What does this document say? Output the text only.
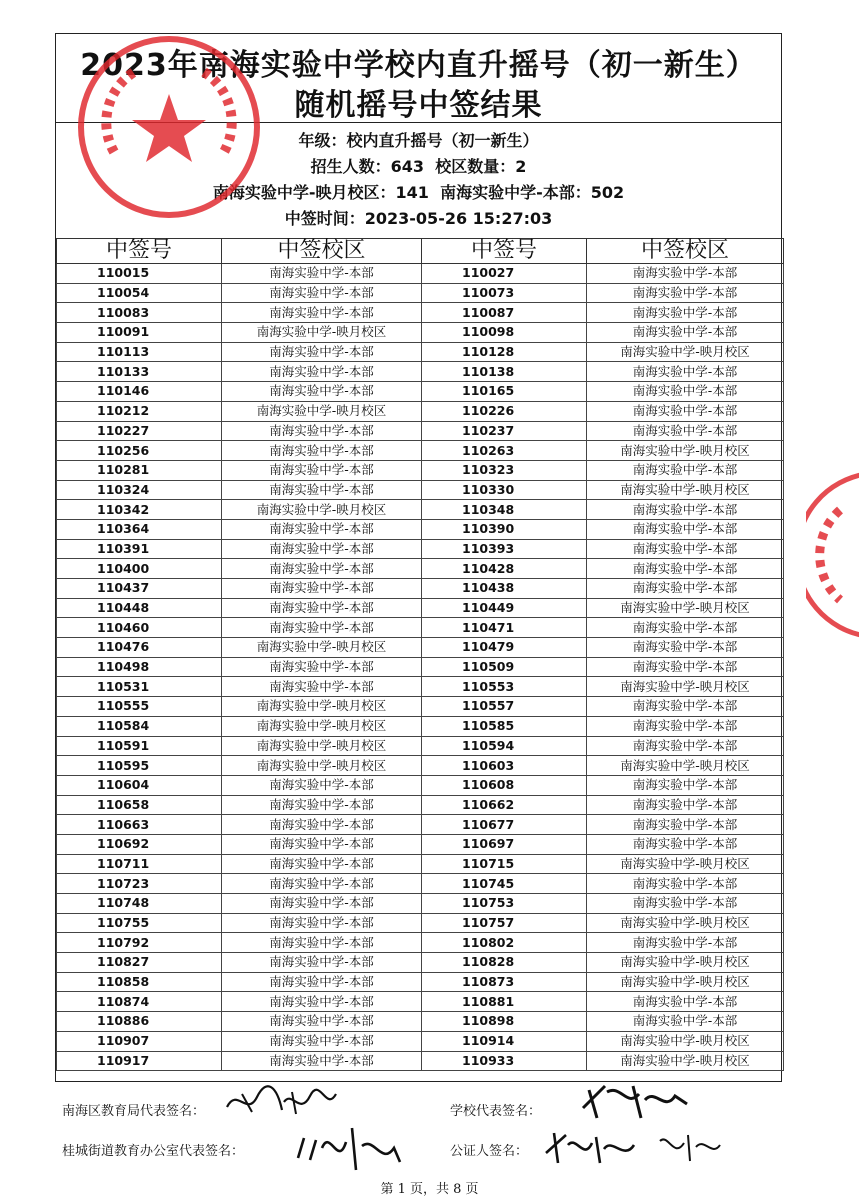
2023年南海实验中学校内直升摇号（初一新生）
随机摇号中签结果
年级：校内直升摇号（初一新生）
招生人数：643 校区数量：2
南海实验中学-映月校区：141 南海实验中学-本部：502
中签时间：2023-05-26 15:27:03
中签号	中签校区	中签号	中签校区
110015	南海实验中学-本部	110027	南海实验中学-本部
110054	南海实验中学-本部	110073	南海实验中学-本部
110083	南海实验中学-本部	110087	南海实验中学-本部
110091	南海实验中学-映月校区	110098	南海实验中学-本部
110113	南海实验中学-本部	110128	南海实验中学-映月校区
110133	南海实验中学-本部	110138	南海实验中学-本部
110146	南海实验中学-本部	110165	南海实验中学-本部
110212	南海实验中学-映月校区	110226	南海实验中学-本部
110227	南海实验中学-本部	110237	南海实验中学-本部
110256	南海实验中学-本部	110263	南海实验中学-映月校区
110281	南海实验中学-本部	110323	南海实验中学-本部
110324	南海实验中学-本部	110330	南海实验中学-映月校区
110342	南海实验中学-映月校区	110348	南海实验中学-本部
110364	南海实验中学-本部	110390	南海实验中学-本部
110391	南海实验中学-本部	110393	南海实验中学-本部
110400	南海实验中学-本部	110428	南海实验中学-本部
110437	南海实验中学-本部	110438	南海实验中学-本部
110448	南海实验中学-本部	110449	南海实验中学-映月校区
110460	南海实验中学-本部	110471	南海实验中学-本部
110476	南海实验中学-映月校区	110479	南海实验中学-本部
110498	南海实验中学-本部	110509	南海实验中学-本部
110531	南海实验中学-本部	110553	南海实验中学-映月校区
110555	南海实验中学-映月校区	110557	南海实验中学-本部
110584	南海实验中学-映月校区	110585	南海实验中学-本部
110591	南海实验中学-映月校区	110594	南海实验中学-本部
110595	南海实验中学-映月校区	110603	南海实验中学-映月校区
110604	南海实验中学-本部	110608	南海实验中学-本部
110658	南海实验中学-本部	110662	南海实验中学-本部
110663	南海实验中学-本部	110677	南海实验中学-本部
110692	南海实验中学-本部	110697	南海实验中学-本部
110711	南海实验中学-本部	110715	南海实验中学-映月校区
110723	南海实验中学-本部	110745	南海实验中学-本部
110748	南海实验中学-本部	110753	南海实验中学-本部
110755	南海实验中学-本部	110757	南海实验中学-映月校区
110792	南海实验中学-本部	110802	南海实验中学-本部
110827	南海实验中学-本部	110828	南海实验中学-映月校区
110858	南海实验中学-本部	110873	南海实验中学-映月校区
110874	南海实验中学-本部	110881	南海实验中学-本部
110886	南海实验中学-本部	110898	南海实验中学-本部
110907	南海实验中学-本部	110914	南海实验中学-映月校区
110917	南海实验中学-本部	110933	南海实验中学-映月校区
南海区教育局代表签名：	学校代表签名：
桂城街道教育办公室代表签名：	公证人签名：
第 1 页，共 8 页
